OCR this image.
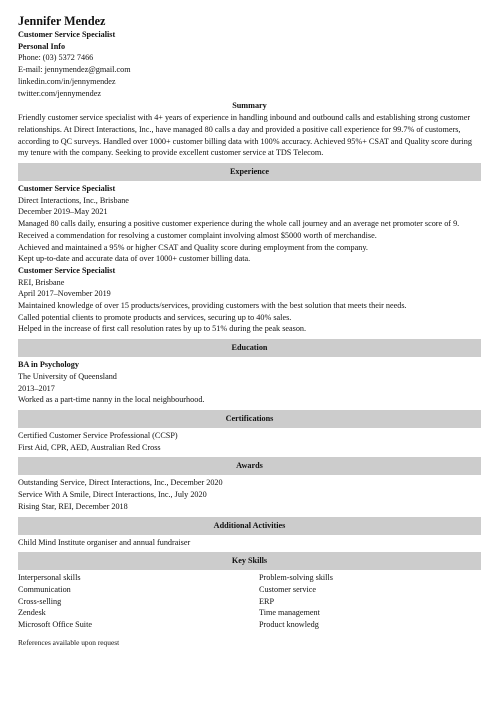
Jennifer Mendez
Customer Service Specialist
Personal Info
Phone: (03) 5372 7466
E-mail: jennymendez@gmail.com
linkedin.com/in/jennymendez
twitter.com/jennymendez
Summary
Friendly customer service specialist with 4+ years of experience in handling inbound and outbound calls and establishing strong customer relationships. At Direct Interactions, Inc., have managed 80 calls a day and provided a positive call experience for 99.7% of customers, according to QC surveys. Handled over 1000+ customer billing data with 100% accuracy. Achieved 95%+ CSAT and Quality score during my tenure with the company. Seeking to provide excellent customer service at TDS Telecom.
Experience
Customer Service Specialist
Direct Interactions, Inc., Brisbane
December 2019–May 2021
Managed 80 calls daily, ensuring a positive customer experience during the whole call journey and an average net promoter score of 9.
Received a commendation for resolving a customer complaint involving almost $5000 worth of merchandise.
Achieved and maintained a 95% or higher CSAT and Quality score during employment from the company.
Kept up-to-date and accurate data of over 1000+ customer billing data.
Customer Service Specialist
REI, Brisbane
April 2017–November 2019
Maintained knowledge of over 15 products/services, providing customers with the best solution that meets their needs.
Called potential clients to promote products and services, securing up to 40% sales.
Helped in the increase of first call resolution rates by up to 51% during the peak season.
Education
BA in Psychology
The University of Queensland
2013–2017
Worked as a part-time nanny in the local neighbourhood.
Certifications
Certified Customer Service Professional (CCSP)
First Aid, CPR, AED, Australian Red Cross
Awards
Outstanding Service, Direct Interactions, Inc., December 2020
Service With A Smile, Direct Interactions, Inc., July 2020
Rising Star, REI, December 2018
Additional Activities
Child Mind Institute organiser and annual fundraiser
Key Skills
Interpersonal skills	Problem-solving skills
Communication	Customer service
Cross-selling	ERP
Zendesk	Time management
Microsoft Office Suite	Product knowledg
References available upon request
